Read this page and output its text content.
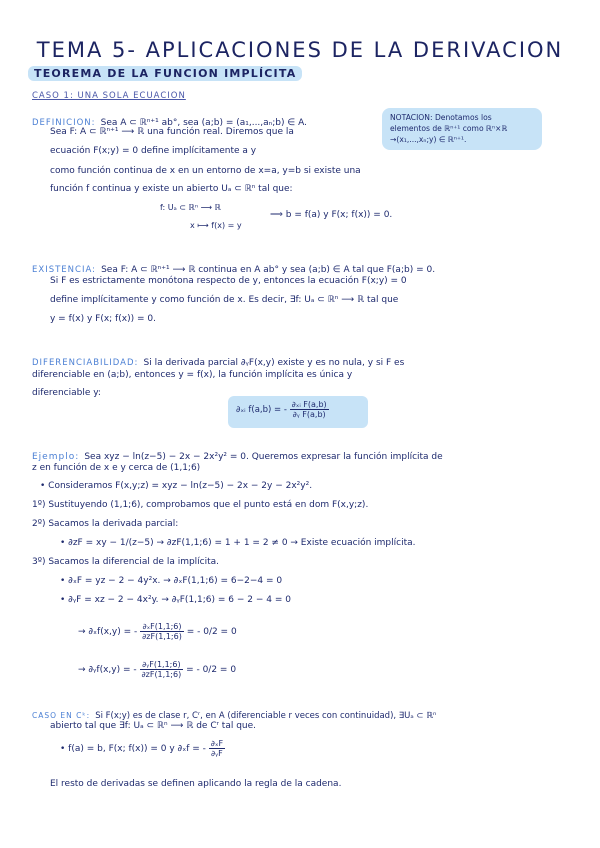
TEMA 5- APLICACIONES DE LA DERIVACION
TEOREMA DE LA FUNCION IMPLÍCITA
CASO 1: UNA SOLA ECUACION
DEFINICION: Sea A ⊂ ℝⁿ⁺¹ ab°, sea (a;b) = (a₁,...,aₙ;b) ∈ A.
Sea F: A ⊂ ℝⁿ⁺¹ ⟶ ℝ una función real. Diremos que la
ecuación F(x;y) = 0 define implícitamente a y
como función continua de x en un entorno de x=a, y=b si existe una
función f continua y existe un abierto Uₐ ⊂ ℝⁿ tal que:
f: Uₐ ⊂ ℝⁿ ⟶ ℝ
x ⟼ f(x) = y
⟹ b = f(a) y F(x; f(x)) = 0.
NOTACION: Denotamos los
elementos de ℝⁿ⁺¹ como ℝⁿ×ℝ
→(x₁,...,xₙ;y) ∈ ℝⁿ⁺¹.
EXISTENCIA: Sea F: A ⊂ ℝⁿ⁺¹ ⟶ ℝ continua en A ab° y sea (a;b) ∈ A tal que F(a;b) = 0.
Si F es estrictamente monótona respecto de y, entonces la ecuación F(x;y) = 0
define implícitamente y como función de x. Es decir, ∃f: Uₐ ⊂ ℝⁿ ⟶ ℝ tal que
y = f(x) y F(x; f(x)) = 0.
DIFERENCIABILIDAD: Si la derivada parcial ∂ᵧF(x,y) existe y es no nula, y si F es
diferenciable en (a;b), entonces y = f(x), la función implícita es única y
diferenciable y:
∂ₓᵢ f(a,b) = - $\frac{\text{∂ₓᵢ F(a,b)}}{\text{∂ᵧ F(a,b)}}$
Ejemplo: Sea xyz − ln(z−5) − 2x − 2x²y² = 0. Queremos expresar la función implícita de
z en función de x e y cerca de (1,1;6)
• Consideramos F(x,y;z) = xyz − ln(z−5) − 2x − 2y − 2x²y².
1º) Sustituyendo (1,1;6), comprobamos que el punto está en dom F(x,y;z).
2º) Sacamos la derivada parcial:
• ∂zF = xy − 1/(z−5) → ∂zF(1,1;6) = 1 + 1 = 2 ≠ 0 → Existe ecuación implícita.
3º) Sacamos la diferencial de la implícita.
• ∂ₓF = yz − 2 − 4y²x. → ∂ₓF(1,1;6) = 6−2−4 = 0
• ∂ᵧF = xz − 2 − 4x²y. → ∂ᵧF(1,1;6) = 6 − 2 − 4 = 0
→ ∂ₓf(x,y) = - $\frac{\text{∂ₓF(1,1;6)}}{\partial zF(1,1;6)}$ = - 0/2 = 0
→ ∂ᵧf(x,y) = - $\frac{\text{∂ᵧF(1,1;6)}}{\partial zF(1,1;6)}$ = - 0/2 = 0
CASO EN Cᵏ: Si F(x;y) es de clase r, Cʳ, en A (diferenciable r veces con continuidad), ∃Uₐ ⊂ ℝⁿ
abierto tal que ∃f: Uₐ ⊂ ℝⁿ ⟶ ℝ de Cʳ tal que.
• f(a) = b, F(x; f(x)) = 0 y ∂ₓf = - $\frac{\text{∂ₓF}}{\text{∂ᵧF}}$
El resto de derivadas se definen aplicando la regla de la cadena.
